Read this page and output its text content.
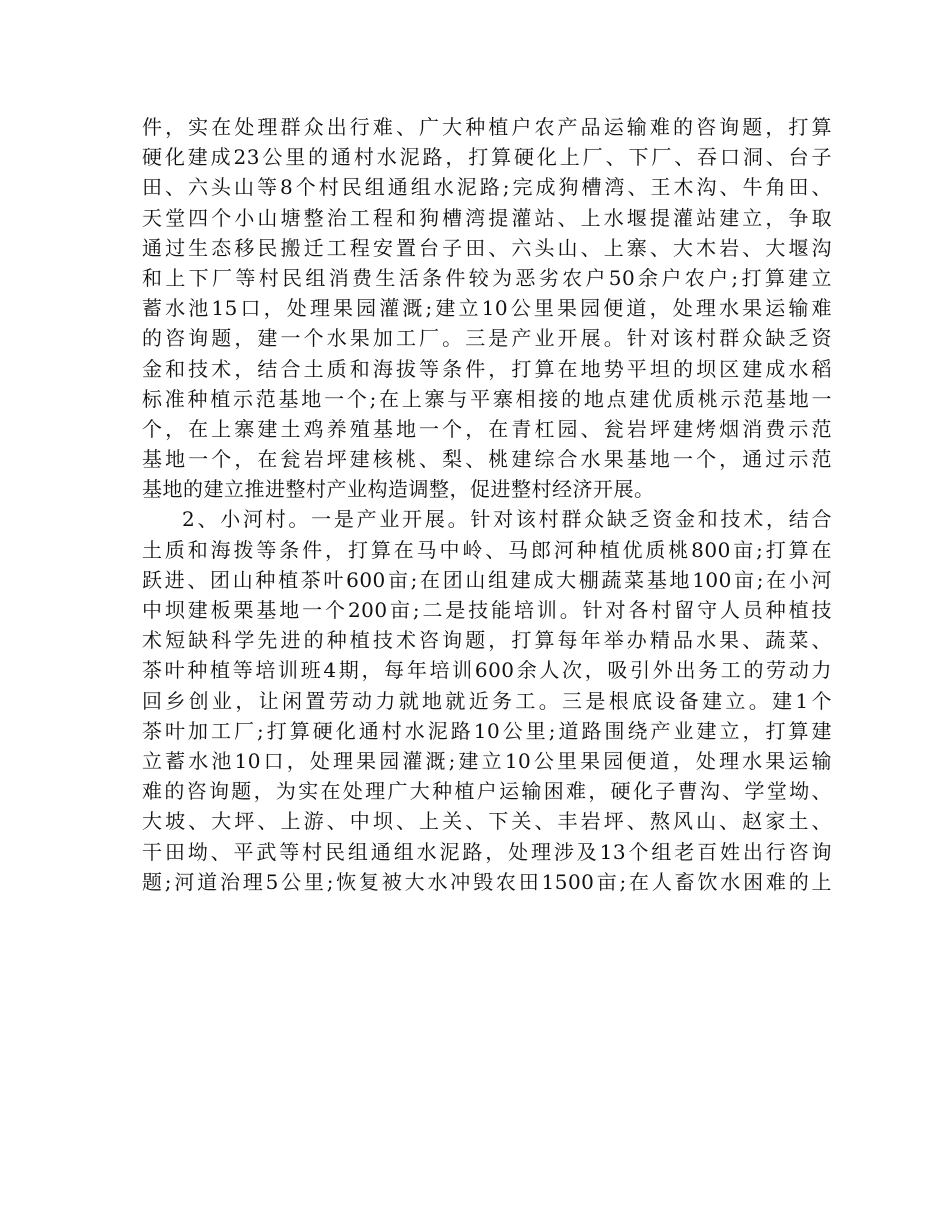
件，实在处理群众出行难、广大种植户农产品运输难的咨询题，打算
硬化建成23公里的通村水泥路，打算硬化上厂、下厂、吞口洞、台子
田、六头山等8个村民组通组水泥路;完成狗槽湾、王木沟、牛角田、
天堂四个小山塘整治工程和狗槽湾提灌站、上水堰提灌站建立，争取
通过生态移民搬迁工程安置台子田、六头山、上寨、大木岩、大堰沟
和上下厂等村民组消费生活条件较为恶劣农户50余户农户;打算建立
蓄水池15口，处理果园灌溉;建立10公里果园便道，处理水果运输难
的咨询题，建一个水果加工厂。三是产业开展。针对该村群众缺乏资
金和技术，结合土质和海拔等条件，打算在地势平坦的坝区建成水稻
标准种植示范基地一个;在上寨与平寨相接的地点建优质桃示范基地一
个，在上寨建土鸡养殖基地一个，在青杠园、瓮岩坪建烤烟消费示范
基地一个，在瓮岩坪建核桃、梨、桃建综合水果基地一个，通过示范
基地的建立推进整村产业构造调整，促进整村经济开展。
2、小河村。一是产业开展。针对该村群众缺乏资金和技术，结合
土质和海拨等条件，打算在马中岭、马郎河种植优质桃800亩;打算在
跃进、团山种植茶叶600亩;在团山组建成大棚蔬菜基地100亩;在小河
中坝建板栗基地一个200亩;二是技能培训。针对各村留守人员种植技
术短缺科学先进的种植技术咨询题，打算每年举办精品水果、蔬菜、
茶叶种植等培训班4期，每年培训600余人次，吸引外出务工的劳动力
回乡创业，让闲置劳动力就地就近务工。三是根底设备建立。建1个
茶叶加工厂;打算硬化通村水泥路10公里;道路围绕产业建立，打算建
立蓄水池10口，处理果园灌溉;建立10公里果园便道，处理水果运输
难的咨询题，为实在处理广大种植户运输困难，硬化子曹沟、学堂坳、
大坡、大坪、上游、中坝、上关、下关、丰岩坪、熬风山、赵家土、
干田坳、平武等村民组通组水泥路，处理涉及13个组老百姓出行咨询
题;河道治理5公里;恢复被大水冲毁农田1500亩;在人畜饮水困难的上
